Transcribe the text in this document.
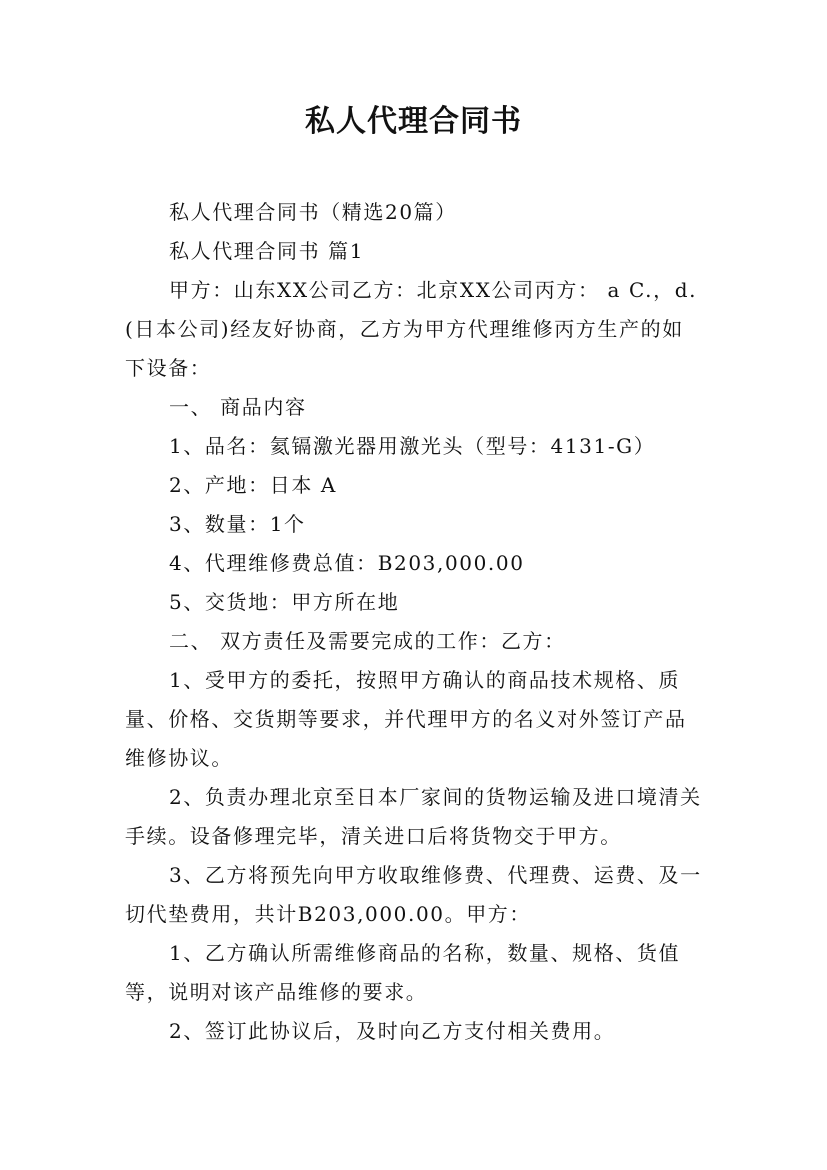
私人代理合同书

私人代理合同书（精选20篇）

私人代理合同书 篇1

甲方：山东XX公司乙方：北京XX公司丙方： a C.，d. (日本公司)经友好协商，乙方为甲方代理维修丙方生产的如下设备：

一、 商品内容

1、品名：氦镉激光器用激光头（型号：4131-G）

2、产地：日本 A

3、数量：1个

4、代理维修费总值：B203,000.00

5、交货地：甲方所在地

二、 双方责任及需要完成的工作：乙方：

1、受甲方的委托，按照甲方确认的商品技术规格、质量、价格、交货期等要求，并代理甲方的名义对外签订产品维修协议。

2、负责办理北京至日本厂家间的货物运输及进口境清关手续。设备修理完毕，清关进口后将货物交于甲方。

3、乙方将预先向甲方收取维修费、代理费、运费、及一切代垫费用，共计B203,000.00。甲方：

1、乙方确认所需维修商品的名称，数量、规格、货值等，说明对该产品维修的要求。

2、签订此协议后，及时向乙方支付相关费用。
